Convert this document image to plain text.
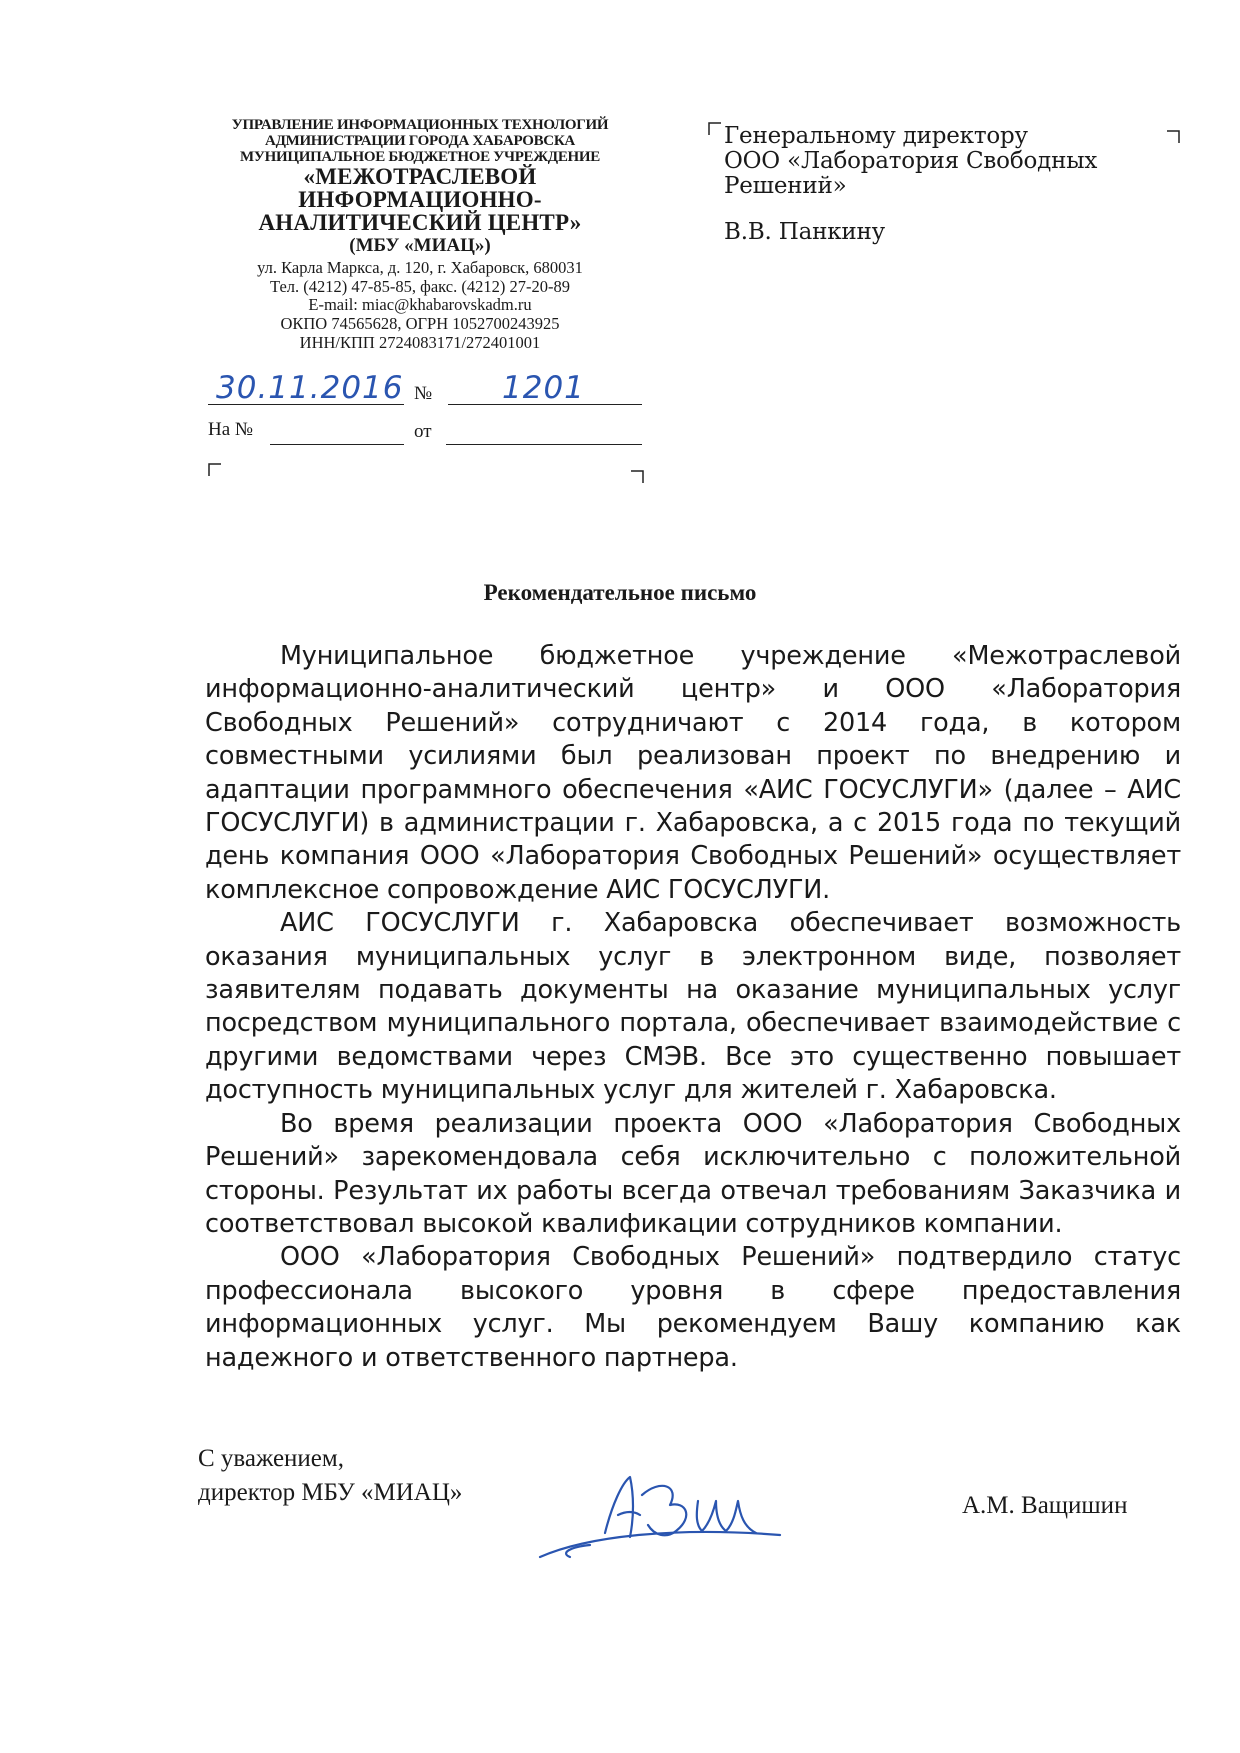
УПРАВЛЕНИЕ ИНФОРМАЦИОННЫХ ТЕХНОЛОГИЙ
АДМИНИСТРАЦИИ ГОРОДА ХАБАРОВСКА
МУНИЦИПАЛЬНОЕ БЮДЖЕТНОЕ УЧРЕЖДЕНИЕ
«МЕЖОТРАСЛЕВОЙ
ИНФОРМАЦИОННО-
АНАЛИТИЧЕСКИЙ ЦЕНТР»
(МБУ «МИАЦ»)
ул. Карла Маркса, д. 120, г. Хабаровск, 680031
Тел. (4212) 47-85-85, факс. (4212) 27-20-89
E-mail: miac@khabarovskadm.ru
ОКПО 74565628, ОГРН 1052700243925
ИНН/КПП 2724083171/272401001
30.11.2016 № 1201
На №	от
Генеральному директору
ООО «Лаборатория Свободных
Решений»
В.В. Панкину
Рекомендательное письмо

Муниципальное бюджетное учреждение «Межотраслевой информационно-аналитический центр» и ООО «Лаборатория Свободных Решений» сотрудничают с 2014 года, в котором совместными усилиями был реализован проект по внедрению и адаптации программного обеспечения «АИС ГОСУСЛУГИ» (далее – АИС ГОСУСЛУГИ) в администрации г. Хабаровска, а с 2015 года по текущий день компания ООО «Лаборатория Свободных Решений» осуществляет комплексное сопровождение АИС ГОСУСЛУГИ.

АИС ГОСУСЛУГИ г. Хабаровска обеспечивает возможность оказания муниципальных услуг в электронном виде, позволяет заявителям подавать документы на оказание муниципальных услуг посредством муниципального портала, обеспечивает взаимодействие с другими ведомствами через СМЭВ. Все это существенно повышает доступность муниципальных услуг для жителей г. Хабаровска.

Во время реализации проекта ООО «Лаборатория Свободных Решений» зарекомендовала себя исключительно с положительной стороны. Результат их работы всегда отвечал требованиям Заказчика и соответствовал высокой квалификации сотрудников компании.

ООО «Лаборатория Свободных Решений» подтвердило статус профессионала высокого уровня в сфере предоставления информационных услуг. Мы рекомендуем Вашу компанию как надежного и ответственного партнера.

С уважением,
директор МБУ «МИАЦ»	А.М. Ващишин
